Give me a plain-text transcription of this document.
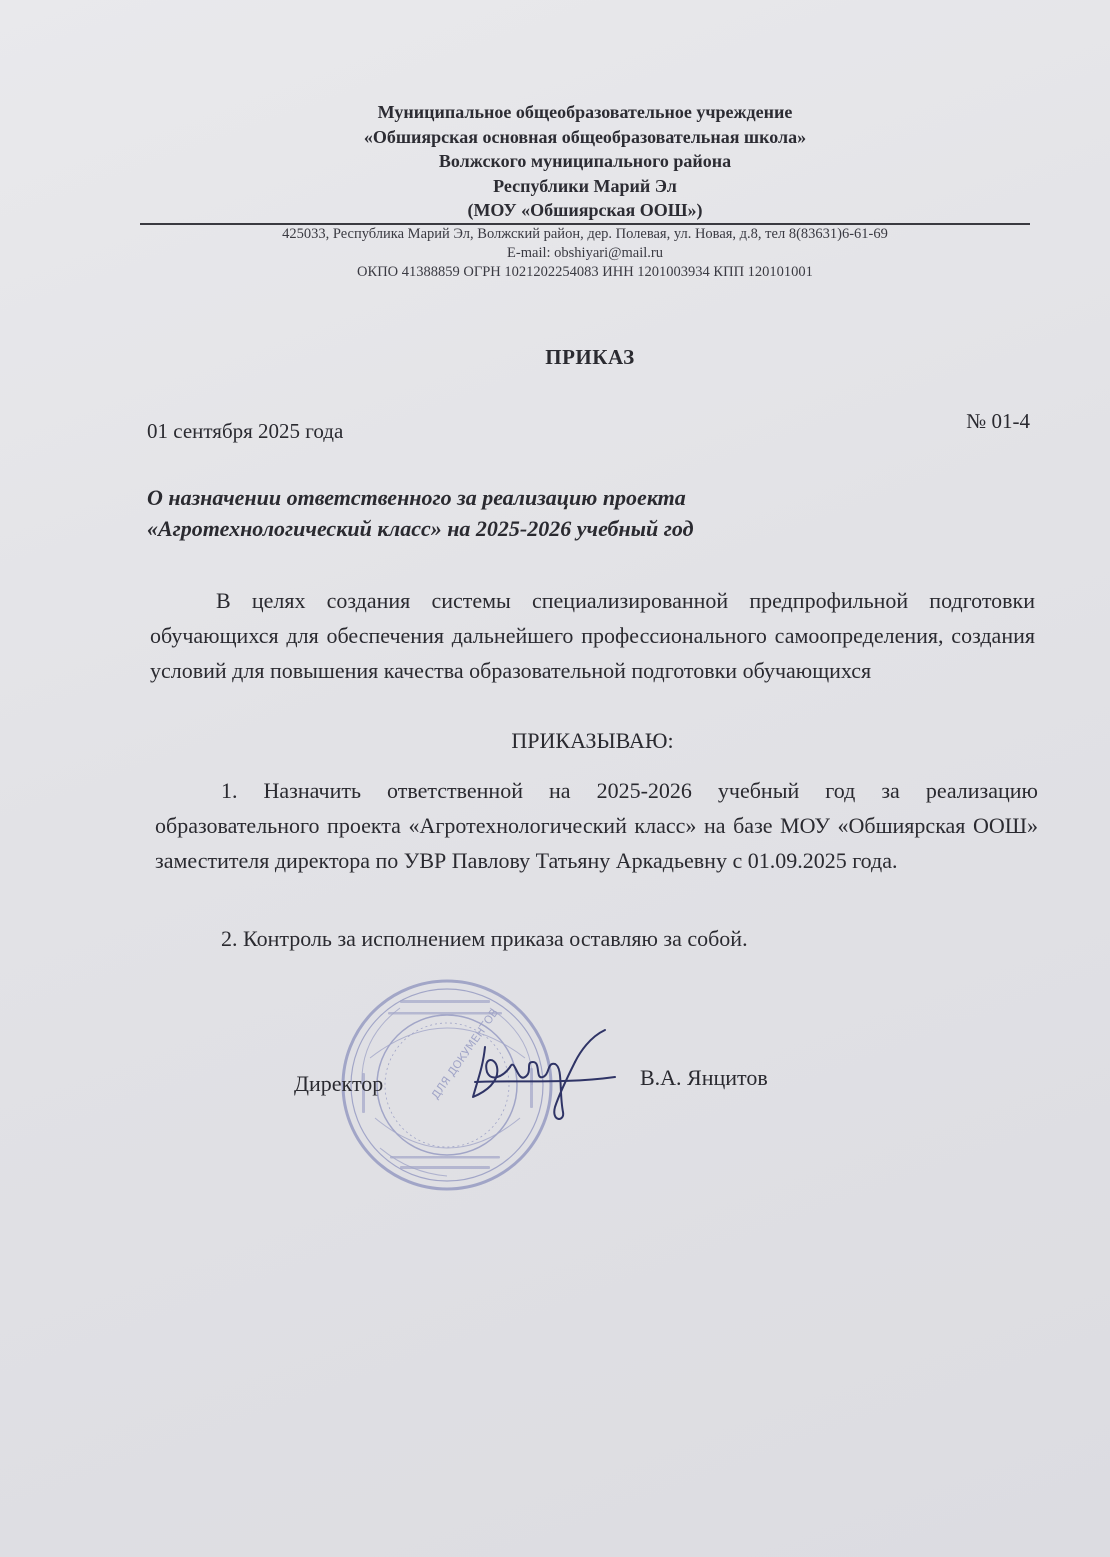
Муниципальное общеобразовательное учреждение
«Обшиярская основная общеобразовательная школа»
Волжского муниципального района
Республики Марий Эл
(МОУ «Обшиярская ООШ»)
425033, Республика Марий Эл, Волжский район, дер. Полевая, ул. Новая, д.8, тел 8(83631)6-61-69
E-mail: obshiyari@mail.ru
ОКПО 41388859 ОГРН 1021202254083 ИНН 1201003934 КПП 120101001
ПРИКАЗ
01 сентября 2025 года	№ 01-4
О назначении ответственного за реализацию проекта
«Агротехнологический класс» на 2025-2026 учебный год

В целях создания системы специализированной предпрофильной подготовки обучающихся для обеспечения дальнейшего профессионального самоопределения, создания условий для повышения качества образовательной подготовки обучающихся

ПРИКАЗЫВАЮ:

1. Назначить ответственной на 2025-2026 учебный год за реализацию образовательного проекта «Агротехнологический класс» на базе МОУ «Обшиярская ООШ» заместителя директора по УВР Павлову Татьяну Аркадьевну с 01.09.2025 года.

2. Контроль за исполнением приказа оставляю за собой.
ДЛЯ ДОКУМЕНТОВ
Директор	В.А. Янцитов
